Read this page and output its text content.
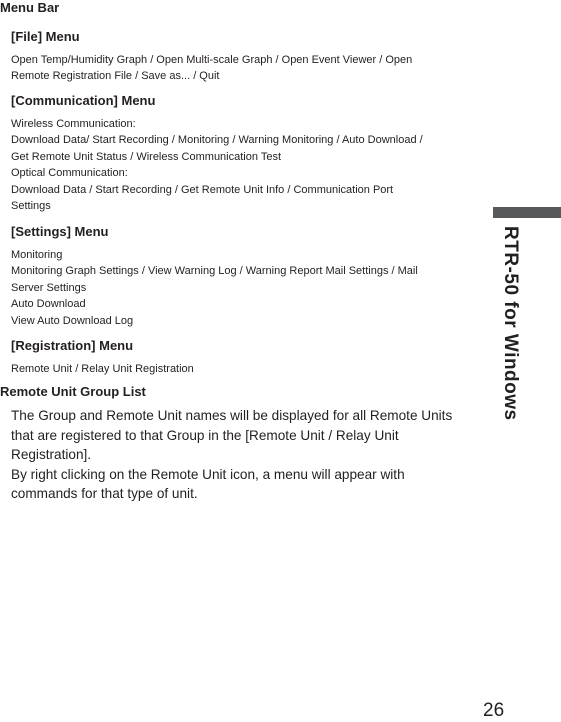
Menu Bar
[File] Menu
Open Temp/Humidity Graph / Open Multi-scale Graph / Open Event Viewer / Open
Remote Registration File / Save as... / Quit
[Communication] Menu
Wireless Communication:
Download Data/ Start Recording / Monitoring / Warning Monitoring / Auto Download /
Get Remote Unit Status / Wireless Communication Test
Optical Communication:
Download Data / Start Recording / Get Remote Unit Info / Communication Port
Settings
[Settings] Menu
Monitoring
Monitoring Graph Settings / View Warning Log / Warning Report Mail Settings / Mail
Server Settings
Auto Download
View Auto Download Log
[Registration] Menu
Remote Unit / Relay Unit Registration
Remote Unit Group List
The Group and Remote Unit names will be displayed for all Remote Units
that are registered to that Group in the [Remote Unit / Relay Unit
Registration].
By right clicking on the Remote Unit icon, a menu will appear with
commands for that type of unit.
RTR-50 for Windows
26
